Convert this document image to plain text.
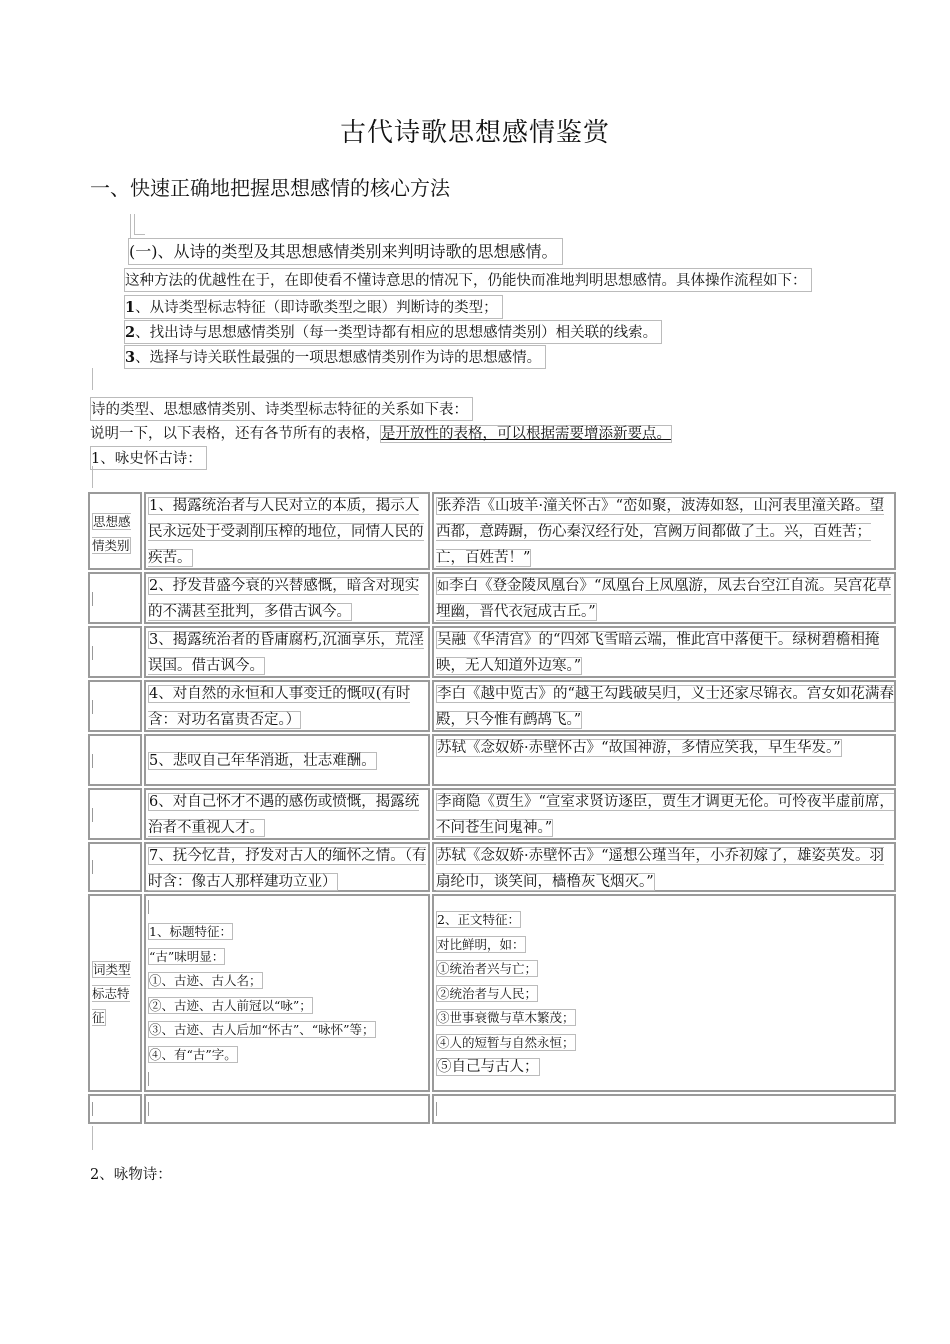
古代诗歌思想感情鉴赏
一、快速正确地把握思想感情的核心方法
(一)、从诗的类型及其思想感情类别来判明诗歌的思想感情。
这种方法的优越性在于，在即使看不懂诗意思的情况下，仍能快而准地判明思想感情。具体操作流程如下：
1、从诗类型标志特征（即诗歌类型之眼）判断诗的类型；
2、找出诗与思想感情类别（每一类型诗都有相应的思想感情类别）相关联的线索。
3、选择与诗关联性最强的一项思想感情类别作为诗的思想感情。
诗的类型、思想感情类别、诗类型标志特征的关系如下表：
说明一下，以下表格，还有各节所有的表格，是开放性的表格，可以根据需要增添新要点。
1、咏史怀古诗：
思想感情类别
1、揭露统治者与人民对立的本质，揭示人民永远处于受剥削压榨的地位，同情人民的疾苦。
张养浩《山坡羊·潼关怀古》“峦如聚，波涛如怒，山河表里潼关路。望西都，意踌蹰，伤心秦汉经行处，宫阙万间都做了土。兴，百姓苦；亡，百姓苦！”
2、抒发昔盛今衰的兴替感慨，暗含对现实的不满甚至批判，多借古讽今。
如李白《登金陵凤凰台》“凤凰台上凤凰游，凤去台空江自流。吴宫花草埋幽，晋代衣冠成古丘。”
3、揭露统治者的昏庸腐朽,沉湎享乐，荒淫误国。借古讽今。
吴融《华清宫》的“四郊飞雪暗云端，惟此宫中落便干。绿树碧檐相掩映，无人知道外边寒。”
4、对自然的永恒和人事变迁的慨叹(有时含：对功名富贵否定。）
李白《越中览古》的“越王勾践破吴归，义士还家尽锦衣。宫女如花满春殿，只今惟有鹧鸪飞。”
5、悲叹自己年华消逝，壮志难酬。
苏轼《念奴娇·赤壁怀古》“故国神游，多情应笑我，早生华发。”
6、对自己怀才不遇的感伤或愤慨，揭露统治者不重视人才。
李商隐《贾生》“宣室求贤访逐臣，贾生才调更无伦。可怜夜半虚前席，不问苍生问鬼神。”
7、抚今忆昔，抒发对古人的缅怀之情。（有时含：像古人那样建功立业）
苏轼《念奴娇·赤壁怀古》“遥想公瑾当年，小乔初嫁了，雄姿英发。羽扇纶巾，谈笑间，樯橹灰飞烟灭。”
词类型标志特征
1、标题特征：
“古”味明显：
①、古迹、古人名；
②、古迹、古人前冠以“咏”；
③、古迹、古人后加“怀古”、“咏怀”等；
④、有“古”字。
2、正文特征：
对比鲜明，如：
①统治者兴与亡；
②统治者与人民；
③世事衰微与草木繁茂；
④人的短暂与自然永恒；
⑤自己与古人；
2、咏物诗：
